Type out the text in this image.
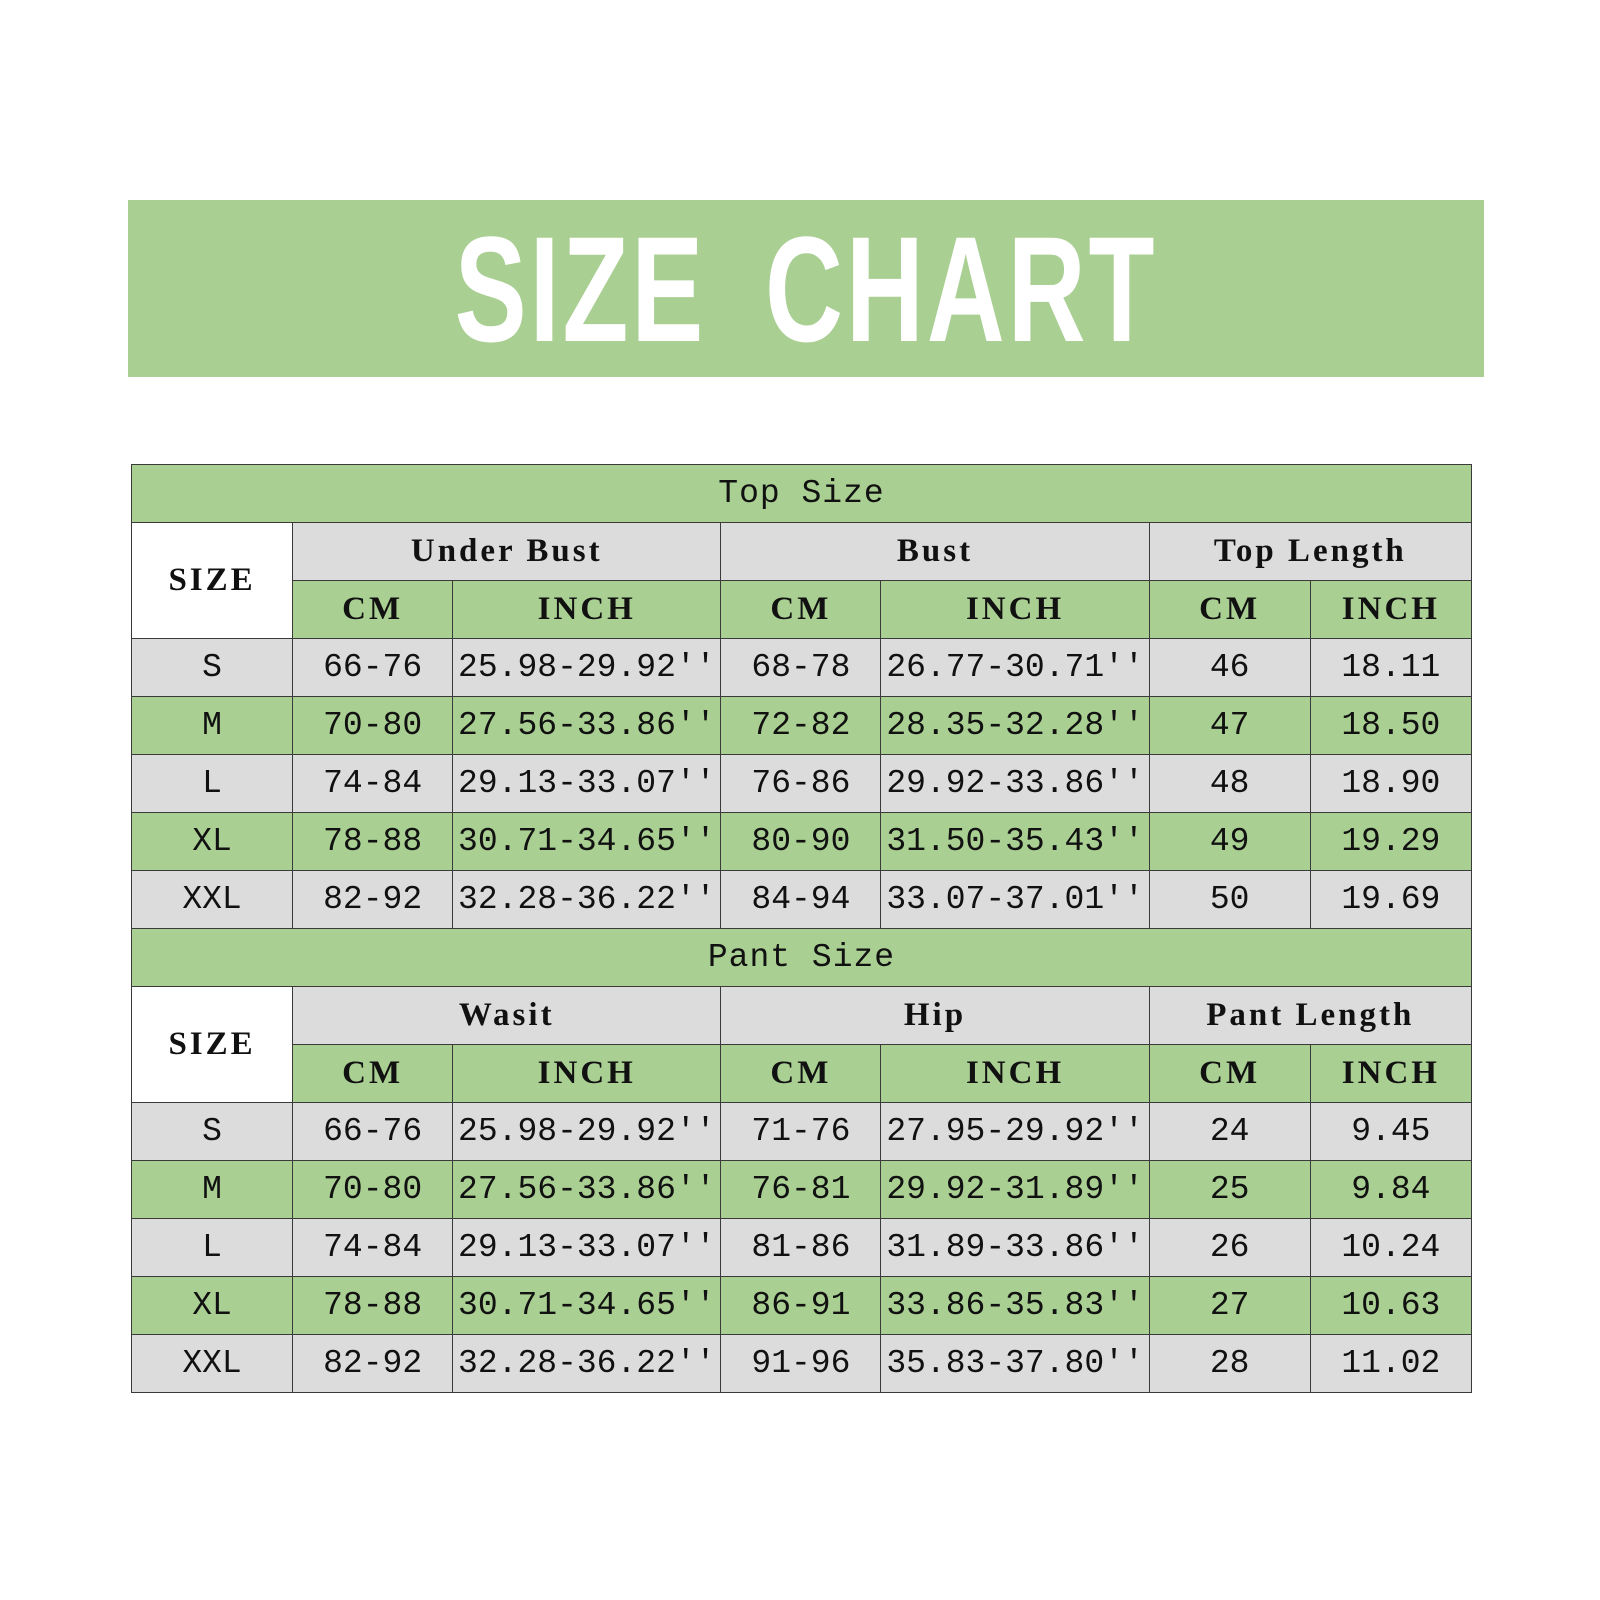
SIZE CHART
Top Size						
SIZE	Under Bust		Bust		Top Length	
	CM	INCH	CM	INCH	CM	INCH
S	66-76	25.98-29.92''	68-78	26.77-30.71''	46	18.11
M	70-80	27.56-33.86''	72-82	28.35-32.28''	47	18.50
L	74-84	29.13-33.07''	76-86	29.92-33.86''	48	18.90
XL	78-88	30.71-34.65''	80-90	31.50-35.43''	49	19.29
XXL	82-92	32.28-36.22''	84-94	33.07-37.01''	50	19.69
Pant Size						
SIZE	Wasit		Hip		Pant Length	
	CM	INCH	CM	INCH	CM	INCH
S	66-76	25.98-29.92''	71-76	27.95-29.92''	24	9.45
M	70-80	27.56-33.86''	76-81	29.92-31.89''	25	9.84
L	74-84	29.13-33.07''	81-86	31.89-33.86''	26	10.24
XL	78-88	30.71-34.65''	86-91	33.86-35.83''	27	10.63
XXL	82-92	32.28-36.22''	91-96	35.83-37.80''	28	11.02
